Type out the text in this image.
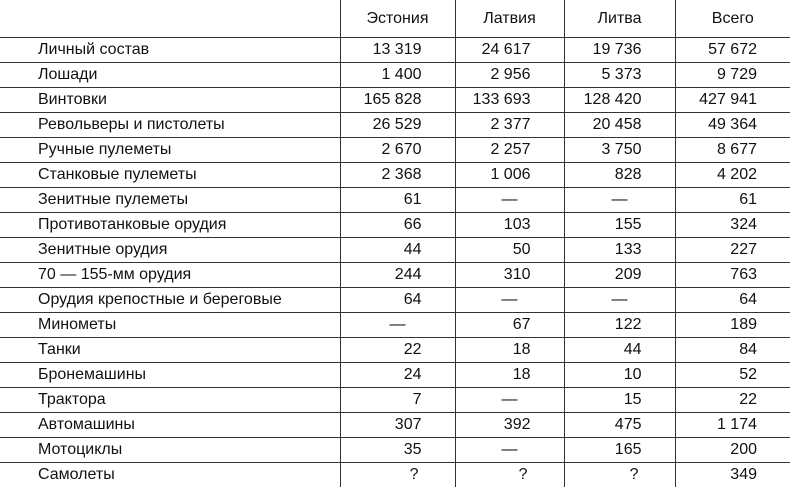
	Эстония	Латвия	Литва	Всего
Личный состав	13 319	24 617	19 736	57 672
Лошади	1 400	2 956	5 373	9 729
Винтовки	165 828	133 693	128 420	427 941
Револьверы и пистолеты	26 529	2 377	20 458	49 364
Ручные пулеметы	2 670	2 257	3 750	8 677
Станковые пулеметы	2 368	1 006	828	4 202
Зенитные пулеметы	61	—	—	61
Противотанковые орудия	66	103	155	324
Зенитные орудия	44	50	133	227
70 — 155-мм орудия	244	310	209	763
Орудия крепостные и береговые	64	—	—	64
Минометы	—	67	122	189
Танки	22	18	44	84
Бронемашины	24	18	10	52
Трактора	7	—	15	22
Автомашины	307	392	475	1 174
Мотоциклы	35	—	165	200
Самолеты	?	?	?	349
